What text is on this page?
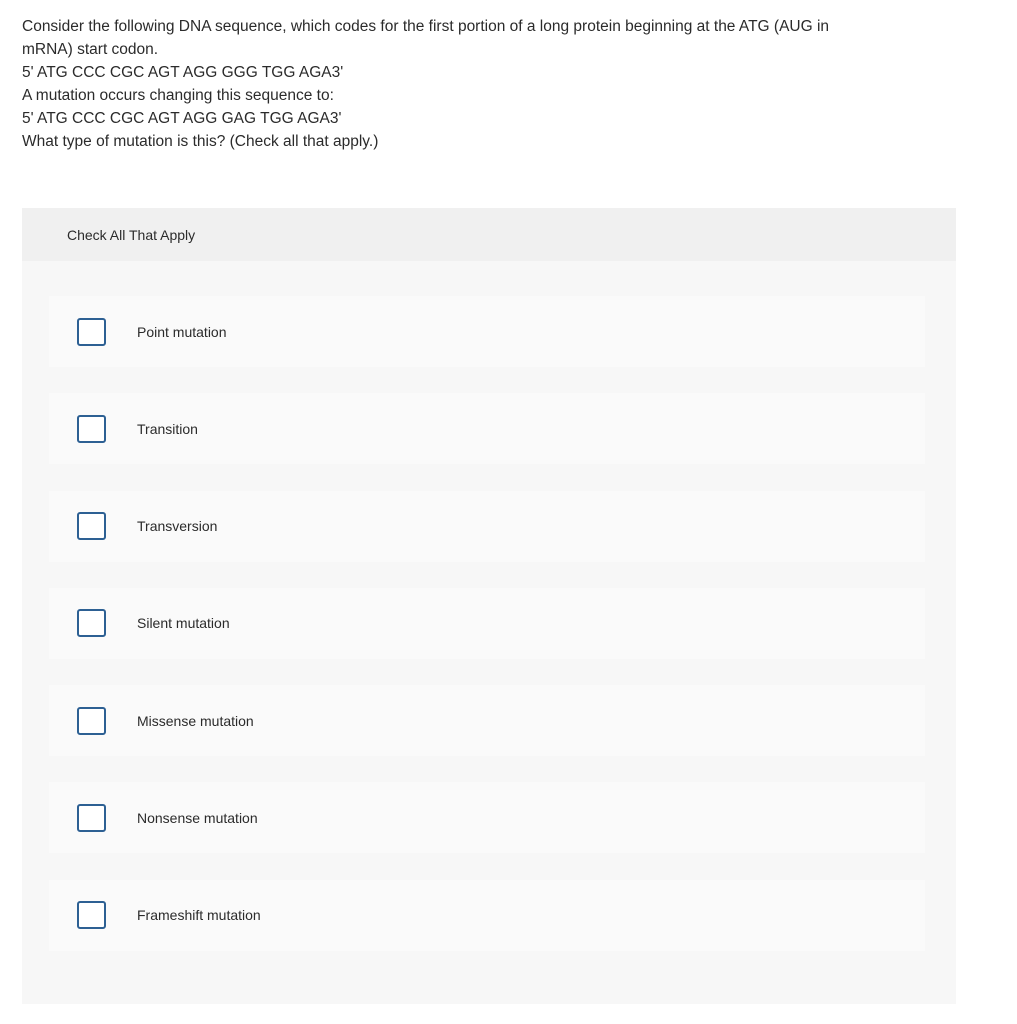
Consider the following DNA sequence, which codes for the first portion of a long protein beginning at the ATG (AUG in

mRNA) start codon.

5' ATG CCC CGC AGT AGG GGG TGG AGA3'

A mutation occurs changing this sequence to:

5' ATG CCC CGC AGT AGG GAG TGG AGA3'

What type of mutation is this? (Check all that apply.)

Check All That Apply
Point mutation
Transition
Transversion
Silent mutation
Missense mutation
Nonsense mutation
Frameshift mutation
